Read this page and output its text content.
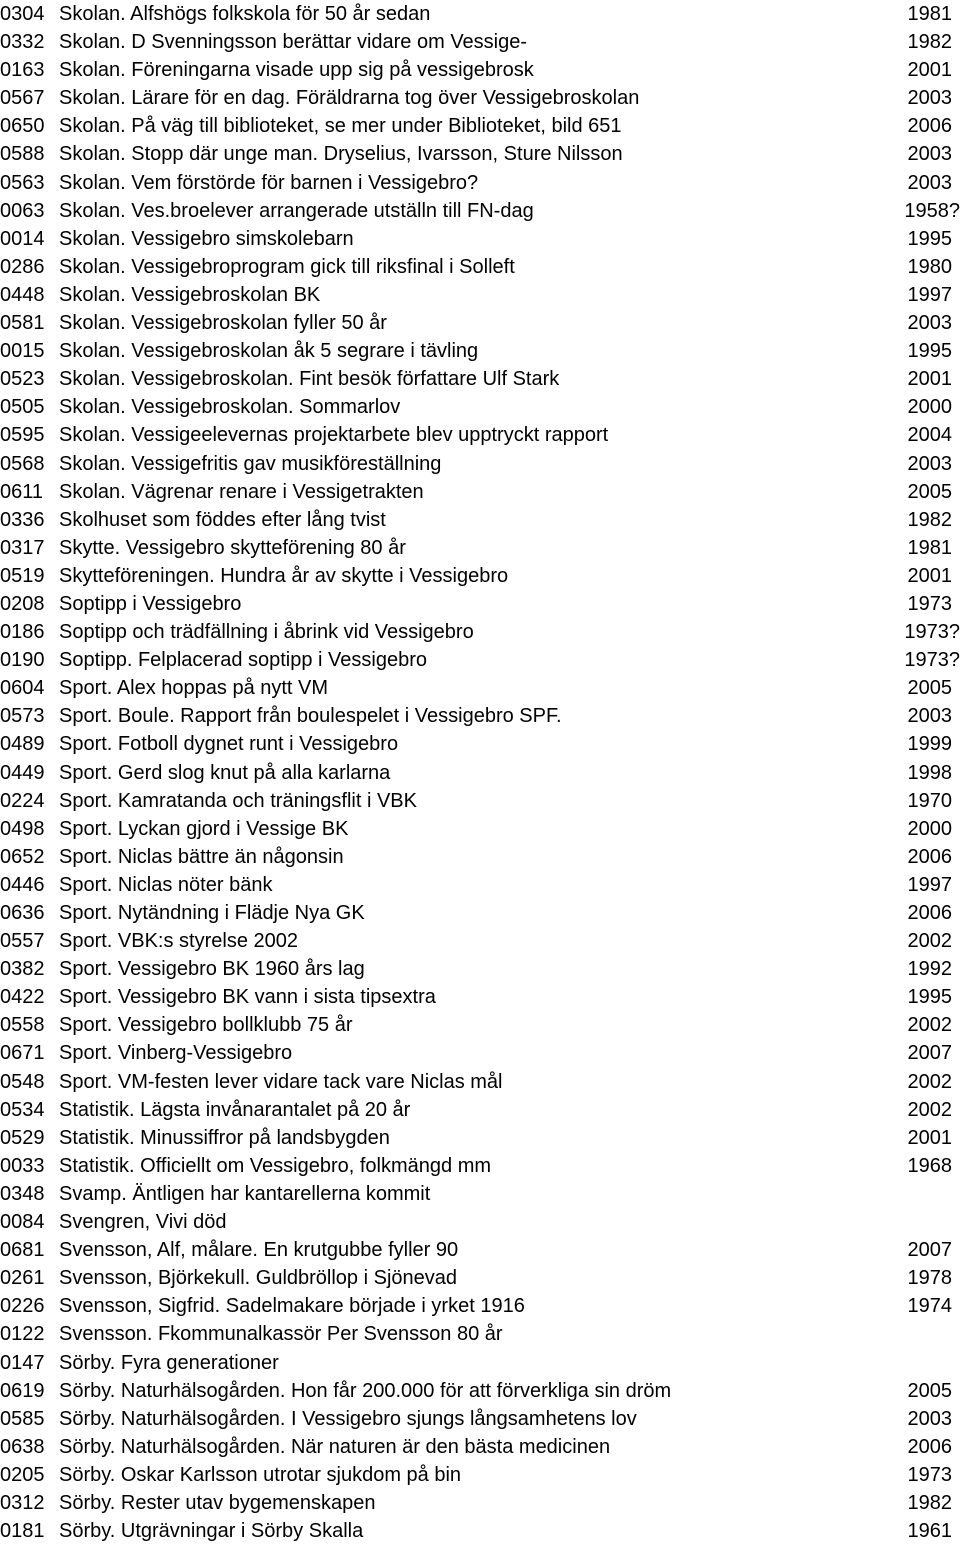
0304 Skolan. Alfshögs folkskola för 50 år sedan	1981
0332 Skolan. D Svenningsson berättar vidare om Vessige-	1982
0163 Skolan. Föreningarna visade upp sig på vessigebrosk	2001
0567 Skolan. Lärare för en dag. Föräldrarna tog över Vessigebroskolan	2003
0650 Skolan. På väg till biblioteket, se mer under Biblioteket, bild 651	2006
0588 Skolan. Stopp där unge man. Dryselius, Ivarsson, Sture Nilsson	2003
0563 Skolan. Vem förstörde för barnen i Vessigebro?	2003
0063 Skolan. Ves.broelever arrangerade utställn till FN-dag	1958?
0014 Skolan. Vessigebro simskolebarn	1995
0286 Skolan. Vessigebroprogram gick till riksfinal i Solleft	1980
0448 Skolan. Vessigebroskolan BK	1997
0581 Skolan. Vessigebroskolan fyller 50 år	2003
0015 Skolan. Vessigebroskolan åk 5 segrare i tävling	1995
0523 Skolan. Vessigebroskolan. Fint besök författare Ulf Stark	2001
0505 Skolan. Vessigebroskolan. Sommarlov	2000
0595 Skolan. Vessigeelevernas projektarbete blev upptryckt rapport	2004
0568 Skolan. Vessigefritis gav musikföreställning	2003
0611 Skolan. Vägrenar renare i Vessigetrakten	2005
0336 Skolhuset som föddes efter lång tvist	1982
0317 Skytte. Vessigebro skytteförening 80 år	1981
0519 Skytteföreningen. Hundra år av skytte i Vessigebro	2001
0208 Soptipp i Vessigebro	1973
0186 Soptipp och trädfällning i åbrink vid Vessigebro	1973?
0190 Soptipp. Felplacerad soptipp i Vessigebro	1973?
0604 Sport. Alex hoppas på nytt VM	2005
0573 Sport. Boule. Rapport från boulespelet i Vessigebro SPF.	2003
0489 Sport. Fotboll dygnet runt i Vessigebro	1999
0449 Sport. Gerd slog knut på alla karlarna	1998
0224 Sport. Kamratanda och träningsflit i VBK	1970
0498 Sport. Lyckan gjord i Vessige BK	2000
0652 Sport. Niclas bättre än någonsin	2006
0446 Sport. Niclas nöter bänk	1997
0636 Sport. Nytändning i Flädje Nya GK	2006
0557 Sport. VBK:s styrelse 2002	2002
0382 Sport. Vessigebro BK 1960 års lag	1992
0422 Sport. Vessigebro BK vann i sista tipsextra	1995
0558 Sport. Vessigebro bollklubb 75 år	2002
0671 Sport. Vinberg-Vessigebro	2007
0548 Sport. VM-festen lever vidare tack vare Niclas mål	2002
0534 Statistik. Lägsta invånarantalet på 20 år	2002
0529 Statistik. Minussiffror på landsbygden	2001
0033 Statistik. Officiellt om Vessigebro, folkmängd mm	1968
0348 Svamp. Äntligen har kantarellerna kommit
0084 Svengren, Vivi död
0681 Svensson, Alf, målare. En krutgubbe fyller 90	2007
0261 Svensson, Björkekull. Guldbröllop i Sjönevad	1978
0226 Svensson, Sigfrid. Sadelmakare började i yrket 1916	1974
0122 Svensson. Fkommunalkassör Per Svensson 80 år
0147 Sörby. Fyra generationer
0619 Sörby. Naturhälsogården. Hon får 200.000 för att förverkliga sin dröm	2005
0585 Sörby. Naturhälsogården. I Vessigebro sjungs långsamhetens lov	2003
0638 Sörby. Naturhälsogården. När naturen är den bästa medicinen	2006
0205 Sörby. Oskar Karlsson utrotar sjukdom på bin	1973
0312 Sörby. Rester utav bygemenskapen	1982
0181 Sörby. Utgrävningar i Sörby Skalla	1961
